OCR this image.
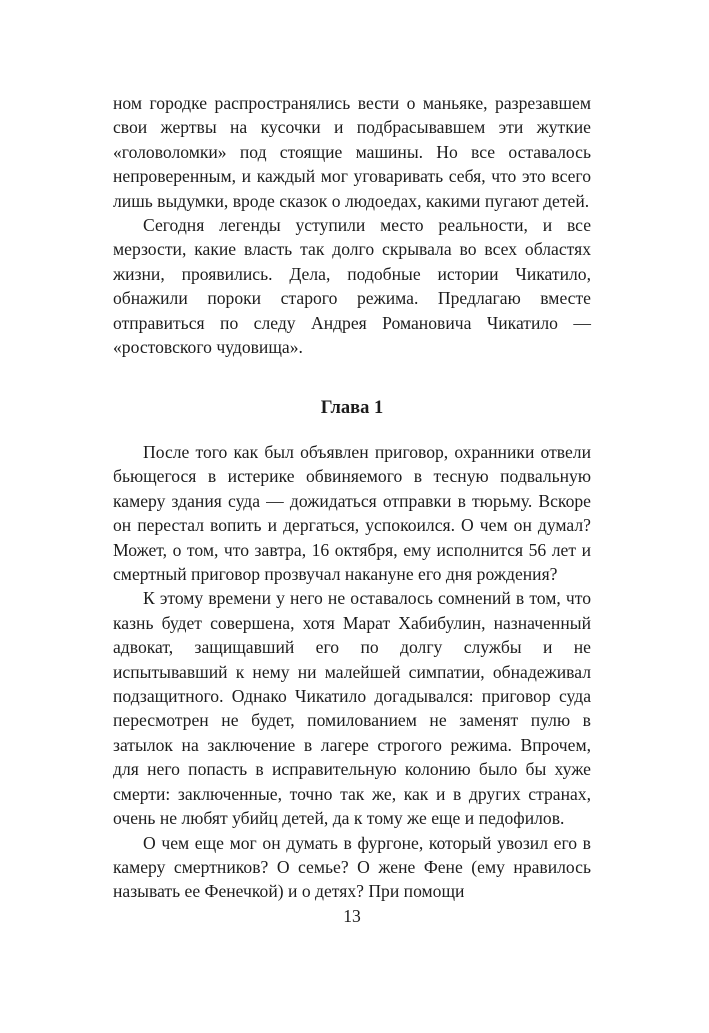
ном городке распространялись вести о маньяке, разрезавшем свои жертвы на кусочки и подбрасывавшем эти жуткие «головоломки» под стоящие машины. Но все оставалось непроверенным, и каждый мог уговаривать себя, что это всего лишь выдумки, вроде сказок о людоедах, какими пугают детей.

Сегодня легенды уступили место реальности, и все мерзости, какие власть так долго скрывала во всех областях жизни, проявились. Дела, подобные истории Чикатило, обнажили пороки старого режима. Предлагаю вместе отправиться по следу Андрея Романовича Чикатило — «ростовского чудовища».

Глава 1

После того как был объявлен приговор, охранники отвели бьющегося в истерике обвиняемого в тесную подвальную камеру здания суда — дожидаться отправки в тюрьму. Вскоре он перестал вопить и дергаться, успокоился. О чем он думал? Может, о том, что завтра, 16 октября, ему исполнится 56 лет и смертный приговор прозвучал накануне его дня рождения?

К этому времени у него не оставалось сомнений в том, что казнь будет совершена, хотя Марат Хабибулин, назначенный адвокат, защищавший его по долгу службы и не испытывавший к нему ни малейшей симпатии, обнадеживал подзащитного. Однако Чикатило догадывался: приговор суда пересмотрен не будет, помилованием не заменят пулю в затылок на заключение в лагере строгого режима. Впрочем, для него попасть в исправительную колонию было бы хуже смерти: заключенные, точно так же, как и в других странах, очень не любят убийц детей, да к тому же еще и педофилов.

О чем еще мог он думать в фургоне, который увозил его в камеру смертников? О семье? О жене Фене (ему нравилось называть ее Фенечкой) и о детях? При помощи

13
